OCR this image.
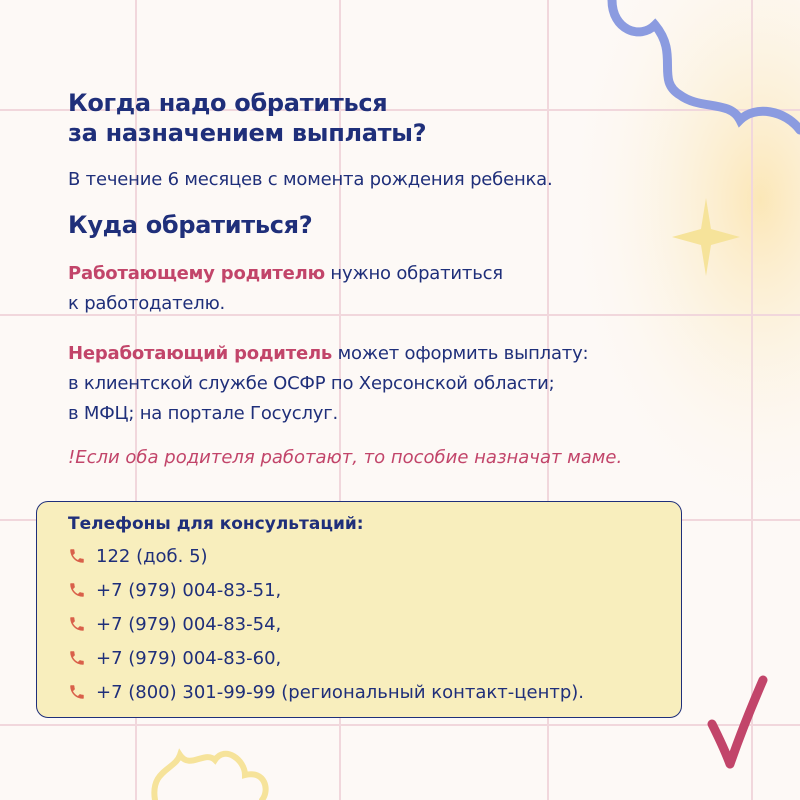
Когда надо обратиться
за назначением выплаты?

В течение 6 месяцев с момента рождения ребенка.

Куда обратиться?

Работающему родителю нужно обратиться
к работодателю.

Неработающий родитель может оформить выплату:
в клиентской службе ОСФР по Херсонской области;
в МФЦ; на портале Госуслуг.

!Если оба родителя работают, то пособие назначат маме.

Телефоны для консультаций:

122 (доб. 5)
+7 (979) 004-83-51,
+7 (979) 004-83-54,
+7 (979) 004-83-60,
+7 (800) 301-99-99 (региональный контакт-центр).
